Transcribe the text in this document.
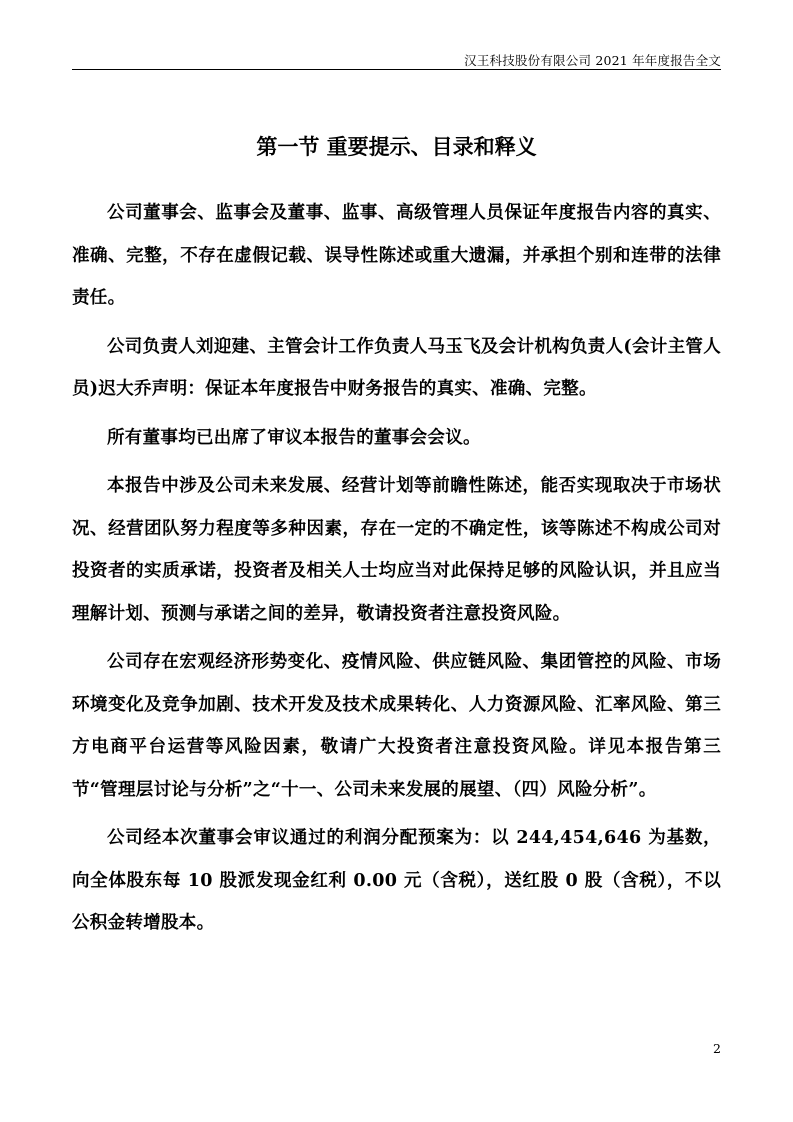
汉王科技股份有限公司 2021 年年度报告全文
第一节 重要提示、目录和释义

公司董事会、监事会及董事、监事、高级管理人员保证年度报告内容的真实、准确、完整，不存在虚假记载、误导性陈述或重大遗漏，并承担个别和连带的法律责任。

公司负责人刘迎建、主管会计工作负责人马玉飞及会计机构负责人(会计主管人员)迟大乔声明：保证本年度报告中财务报告的真实、准确、完整。

所有董事均已出席了审议本报告的董事会会议。

本报告中涉及公司未来发展、经营计划等前瞻性陈述，能否实现取决于市场状况、经营团队努力程度等多种因素，存在一定的不确定性，该等陈述不构成公司对投资者的实质承诺，投资者及相关人士均应当对此保持足够的风险认识，并且应当理解计划、预测与承诺之间的差异，敬请投资者注意投资风险。

公司存在宏观经济形势变化、疫情风险、供应链风险、集团管控的风险、市场环境变化及竞争加剧、技术开发及技术成果转化、人力资源风险、汇率风险、第三方电商平台运营等风险因素，敬请广大投资者注意投资风险。详见本报告第三节“管理层讨论与分析”之“十一、公司未来发展的展望、（四）风险分析”。

公司经本次董事会审议通过的利润分配预案为：以 244,454,646 为基数，向全体股东每 10 股派发现金红利 0.00 元（含税），送红股 0 股（含税），不以公积金转增股本。

2
